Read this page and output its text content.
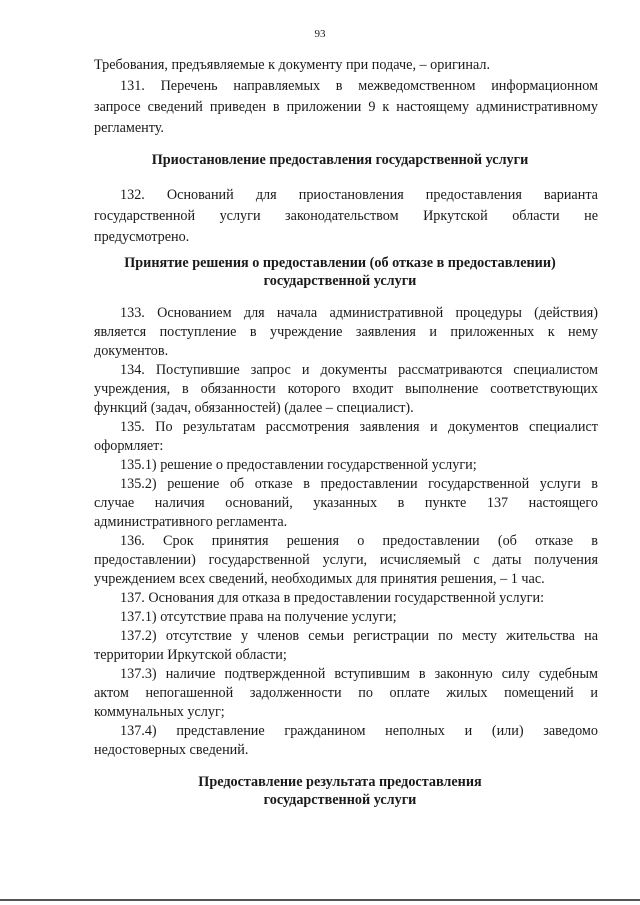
93
Требования, предъявляемые к документу при подаче, – оригинал.
131. Перечень направляемых в межведомственном информационном
запросе сведений приведен в приложении 9 к настоящему административному
регламенту.
Приостановление предоставления государственной услуги
132. Оснований для приостановления предоставления варианта
государственной услуги законодательством Иркутской области не
предусмотрено.
Принятие решения о предоставлении (об отказе в предоставлении)
государственной услуги
133. Основанием для начала административной процедуры (действия)
является поступление в учреждение заявления и приложенных к нему
документов.
134. Поступившие запрос и документы рассматриваются специалистом
учреждения, в обязанности которого входит выполнение соответствующих
функций (задач, обязанностей) (далее – специалист).
135. По результатам рассмотрения заявления и документов специалист
оформляет:
135.1) решение о предоставлении государственной услуги;
135.2) решение об отказе в предоставлении государственной услуги в
случае наличия оснований, указанных в пункте 137 настоящего
административного регламента.
136. Срок принятия решения о предоставлении (об отказе в
предоставлении) государственной услуги, исчисляемый с даты получения
учреждением всех сведений, необходимых для принятия решения, – 1 час.
137. Основания для отказа в предоставлении государственной услуги:
137.1) отсутствие права на получение услуги;
137.2) отсутствие у членов семьи регистрации по месту жительства на
территории Иркутской области;
137.3) наличие подтвержденной вступившим в законную силу судебным
актом непогашенной задолженности по оплате жилых помещений и
коммунальных услуг;
137.4) представление гражданином неполных и (или) заведомо
недостоверных сведений.
Предоставление результата предоставления
государственной услуги
